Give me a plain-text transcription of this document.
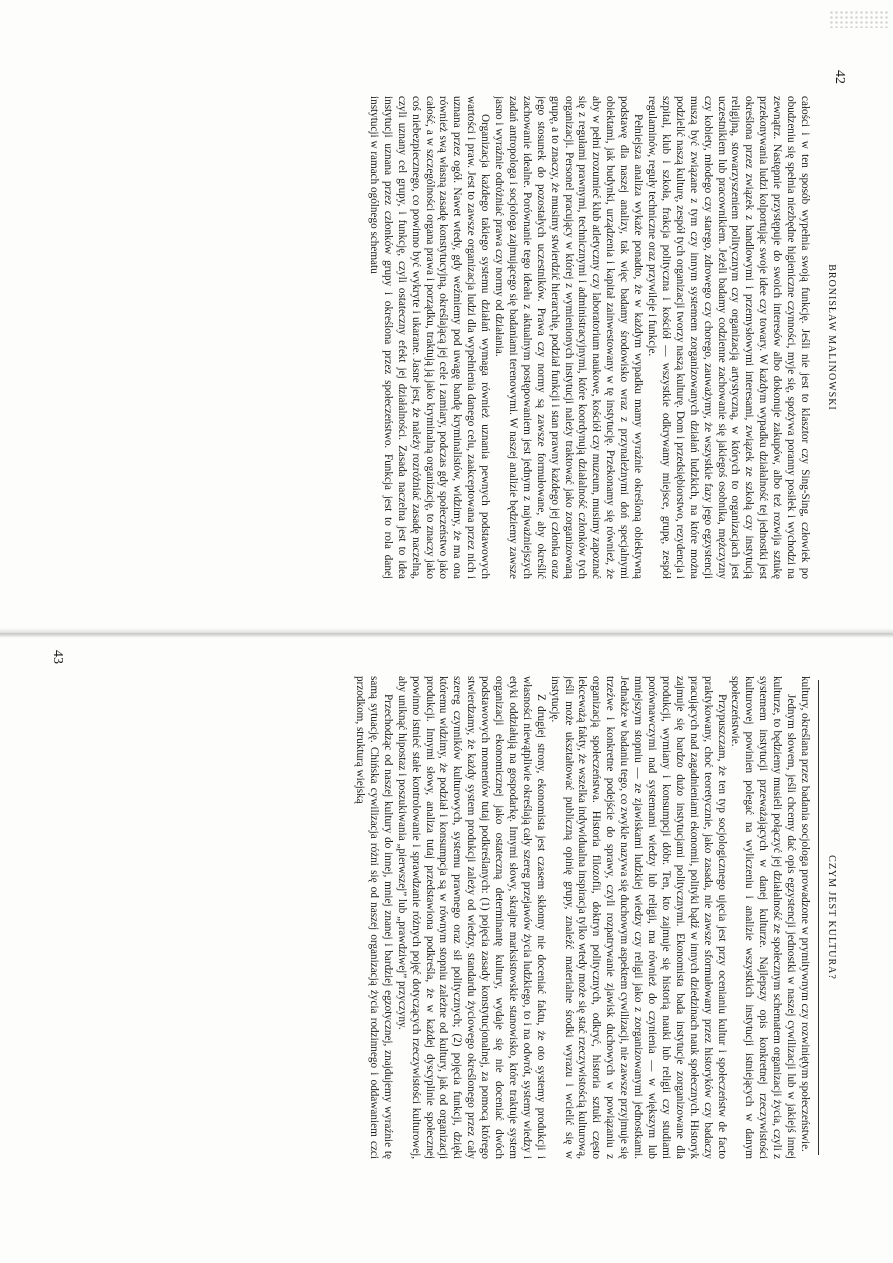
42
BRONISŁAW MALINOWSKI

całości i w ten sposób wypełnia swoją funkcję. Jeśli nie jest to klasztor czy Sing-Sing, człowiek po obudzeniu się spełnia niezbędne higieniczne czynności, myje się, spożywa poranny posiłek i wychodzi na zewnątrz. Następnie przystępuje do swoich interesów albo dokonuje zakupów, albo też rozwija sztukę przekonywania ludzi kolportując swoje idee czy towary. W każdym wypadku działalność tej jednostki jest określona przez związek z handlowymi i przemysłowymi interesami, związek ze szkołą czy instytucją religijną, stowarzyszeniem politycznym czy organizacją artystyczną, w których to organizacjach jest uczestnikiem lub pracownikiem. Jeżeli badamy codzienne zachowanie się jakiegoś osobnika, mężczyzny czy kobiety, młodego czy starego, zdrowego czy chorego, zauważymy, że wszystkie fazy jego egzystencji muszą być związane z tym czy innym systemem zorganizowanych działań ludzkich, na które można podzielić naszą kulturę, zespół tych organizacji tworzy naszą kulturę. Dom i przedsiębiorstwo, rezydencja i szpital, klub i szkoła, frakcja polityczna i kościół — wszystkie odkrywamy miejsce, grupę, zespół regulaminów, reguły techniczne oraz przywileje i funkcje.

Pełniejsza analiza wykaże ponadto, że w każdym wypadku mamy wyraźnie określoną obiektywną podstawę dla naszej analizy, tak więc badamy środowisko wraz z przynależnymi doń specjalnymi obiektami, jak budynki, urządzenia i kapitał zainwestowany w tę instytucję. Przekonamy się również, że aby w pełni zrozumieć klub atletyczny czy laboratorium naukowe, kościół czy muzeum, musimy zapoznać się z regułami prawnymi, technicznymi i administracyjnymi, które koordynują działalność członków tych organizacji. Personel pracujący w której z wymienionych instytucji należy traktować jako zorganizowaną grupę, a to znaczy, że musimy stwierdzić hierarchię, podział funkcji i stan prawny każdego jej członka oraz jego stosunek do pozostałych uczestników. Prawa czy normy są zawsze formułowane, aby określić zachowanie idealne. Porównanie tego ideału z aktualnym postępowaniem jest jednym z najważniejszych zadań antropologa i socjologa zajmującego się badaniami terenowymi. W naszej analizie będziemy zawsze jasno i wyraźnie odróżniać prawa czy normy od działania.

Organizacja każdego takiego systemu działań wymaga również uznania pewnych podstawowych wartości i praw. Jest to zawsze organizacja ludzi dla wypełnienia danego celu, zaakceptowana przez nich i uznana przez ogół. Nawet wtedy, gdy weźmiemy pod uwagę bandę kryminalistów, widzimy, że ma ona również swą własną zasadę konstytucyjną, określającą jej cele i zamiary, podczas gdy społeczeństwo jako całość, a w szczególności organa prawa i porządku, traktują ją jako kryminalną organizację, to znaczy jako coś niebezpiecznego, co powinno być wykryte i ukarane. Jasne jest, że należy rozróżniać zasadę naczelną, czyli uznany cel grupy, i funkcję, czyli ostateczny efekt jej działalności. Zasada naczelna jest to idea instytucji uznana przez członków grupy i określona przez społeczeństwo. Funkcja jest to rola danej instytucji w ramach ogólnego schematu

CZYM JEST KULTURA?
43

kultury, określana przez badania socjologa prowadzone w prymitywnym czy rozwiniętym społeczeństwie.

Jednym słowem, jeśli chcemy dać opis egzystencji jednostki w naszej cywilizacji lub w jakiejś innej kulturze, to będziemy musieli połączyć jej działalność ze społecznym schematem organizacji życia, czyli z systemem instytucji przeważających w danej kulturze. Najlepszy opis konkretnej rzeczywistości kulturowej powinien polegać na wyliczeniu i analizie wszystkich instytucji istniejących w danym społeczeństwie.

Przypuszczam, że ten typ socjologicznego ujęcia jest przy ocenianiu kultur i społeczeństw de facto praktykowany, choć teoretycznie, jako zasada, nie zawsze sformułowany przez historyków czy badaczy pracujących nad zagadnieniami ekonomii, polityki bądź w innych dziedzinach nauk społecznych. Historyk zajmuje się bardzo dużo instytucjami politycznymi. Ekonomista bada instytucje zorganizowane dla produkcji, wymiany i konsumpcji dóbr. Ten, kto zajmuje się historią nauki lub religii czy studiami porównawczymi nad systemami wiedzy lub religii, ma również do czynienia — w większym lub mniejszym stopniu — ze zjawiskami ludzkiej wiedzy czy religii jako z zorganizowanymi jednostkami. Jednakże w badaniu tego, co zwykle nazywa się duchowym aspektem cywilizacji, nie zawsze przyjmuje się trzeźwe i konkretne podejście do sprawy, czyli rozpatrywanie zjawisk duchowych w powiązaniu z organizacją społeczeństwa. Historia filozofii, doktryn politycznych, odkryć, historia sztuki często lekceważą fakty, że wszelka indywidualna inspiracja tylko wtedy może się stać rzeczywistością kulturową, jeśli może ukształtować publiczną opinię grupy, znaleźć materialne środki wyrazu i wcielić się w instytucję.

Z drugiej strony, ekonomista jest czasem skłonny nie doceniać faktu, że oto systemy produkcji i własności niewątpliwie określają cały szereg przejawów życia ludzkiego, to i na odwrót, systemy wiedzy i etyki oddziałują na gospodarkę. Innymi słowy, skrajne marksistowskie stanowisko, które traktuje system organizacji ekonomicznej jako ostateczną determinantę kultury, wydaje się nie doceniać dwóch podstawowych momentów tutaj podkreślanych: (1) pojęcia zasady konstytucjonalnej, za pomocą którego stwierdzamy, że każdy system produkcji zależy od wiedzy, standardu życiowego określonego przez cały szereg czynników kulturowych, systemu prawnego oraz sił politycznych; (2) pojęcia funkcji, dzięki któremu widzimy, że podział i konsumpcja są w równym stopniu zależne od kultury, jak od organizacji produkcji. Innymi słowy, analiza tutaj przedstawiona podkreśla, że w każdej dyscyplinie społecznej powinno istnieć stałe kontrolowanie i sprawdzanie różnych pojęć dotyczących rzeczywistości kulturowej, aby uniknąć hipostaz i poszukiwania „pierwszej” lub „prawdziwej” przyczyny.

Przechodząc od naszej kultury do innej, mniej znanej i bardziej egzotycznej, znajdujemy wyraźnie tę samą sytuację. Chińska cywilizacja różni się od naszej organizacją życia rodzinnego i oddawaniem czci przodkom, strukturą wiejską
